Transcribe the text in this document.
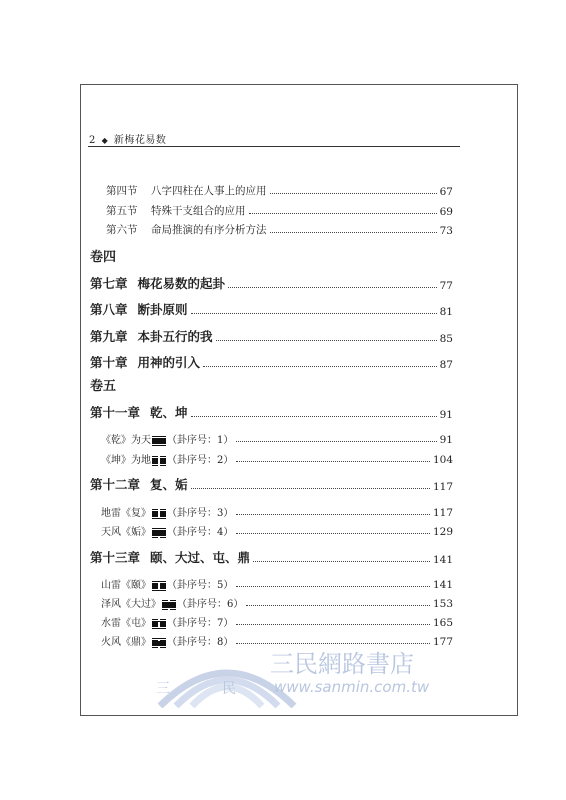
2 ◆ 新梅花易数
第四节	八字四柱在人事上的应用	67
第五节	特殊干支组合的应用	69
第六节	命局推演的有序分析方法	73
卷四
第七章 梅花易数的起卦	77
第八章 断卦原则	81
第九章 本卦五行的我	85
第十章 用神的引入	87
卷五
第十一章 乾、坤	91
《乾》为天 （卦序号：1）	91
《坤》为地 （卦序号：2）	104
第十二章 复、姤	117
地雷《复》 （卦序号：3）	117
天风《姤》 （卦序号：4）	129
第十三章 颐、大过、屯、鼎	141
山雷《颐》 （卦序号：5）	141
泽风《大过》 （卦序号：6）	153
水雷《屯》 （卦序号：7）	165
火风《鼎》 （卦序号：8）	177
三	民
三民網路書店
www.sanmin.com.tw
